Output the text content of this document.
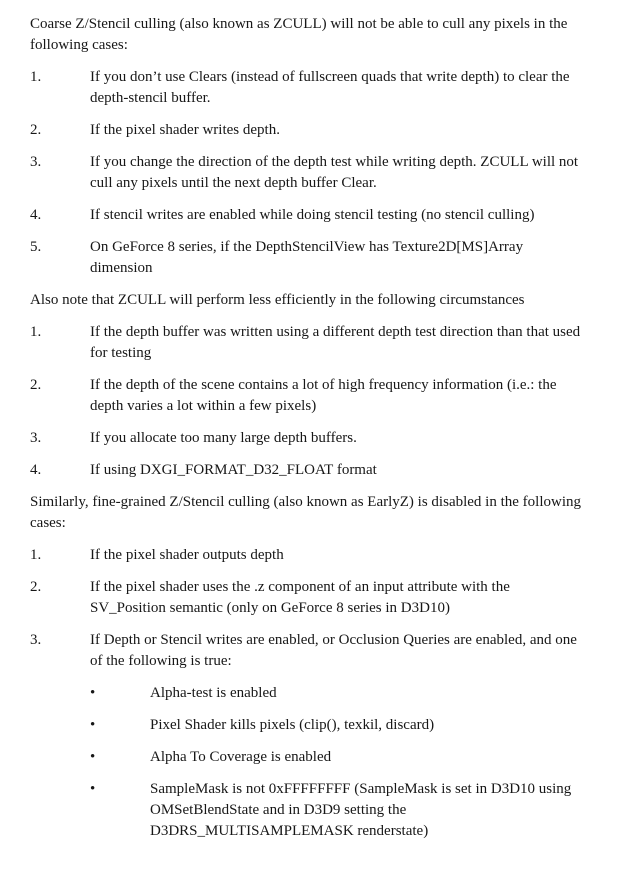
Coarse Z/Stencil culling (also known as ZCULL) will not be able to cull any pixels in the following cases:

1.	If you don’t use Clears (instead of fullscreen quads that write depth) to clear the depth-stencil buffer.
2.	If the pixel shader writes depth.
3.	If you change the direction of the depth test while writing depth. ZCULL will not cull any pixels until the next depth buffer Clear.
4.	If stencil writes are enabled while doing stencil testing (no stencil culling)
5.	On GeForce 8 series, if the DepthStencilView has Texture2D[MS]Array dimension

Also note that ZCULL will perform less efficiently in the following circumstances

1.	If the depth buffer was written using a different depth test direction than that used for testing
2.	If the depth of the scene contains a lot of high frequency information (i.e.: the depth varies a lot within a few pixels)
3.	If you allocate too many large depth buffers.
4.	If using DXGI_FORMAT_D32_FLOAT format

Similarly, fine-grained Z/Stencil culling (also known as EarlyZ) is disabled in the following cases:

1.	If the pixel shader outputs depth
2.	If the pixel shader uses the .z component of an input attribute with the SV_Position semantic (only on GeForce 8 series in D3D10)
3.	If Depth or Stencil writes are enabled, or Occlusion Queries are enabled, and one of the following is true:
•	Alpha-test is enabled
•	Pixel Shader kills pixels (clip(), texkil, discard)
•	Alpha To Coverage is enabled
•	SampleMask is not 0xFFFFFFFF (SampleMask is set in D3D10 using OMSetBlendState and in D3D9 setting the D3DRS_MULTISAMPLEMASK renderstate)
